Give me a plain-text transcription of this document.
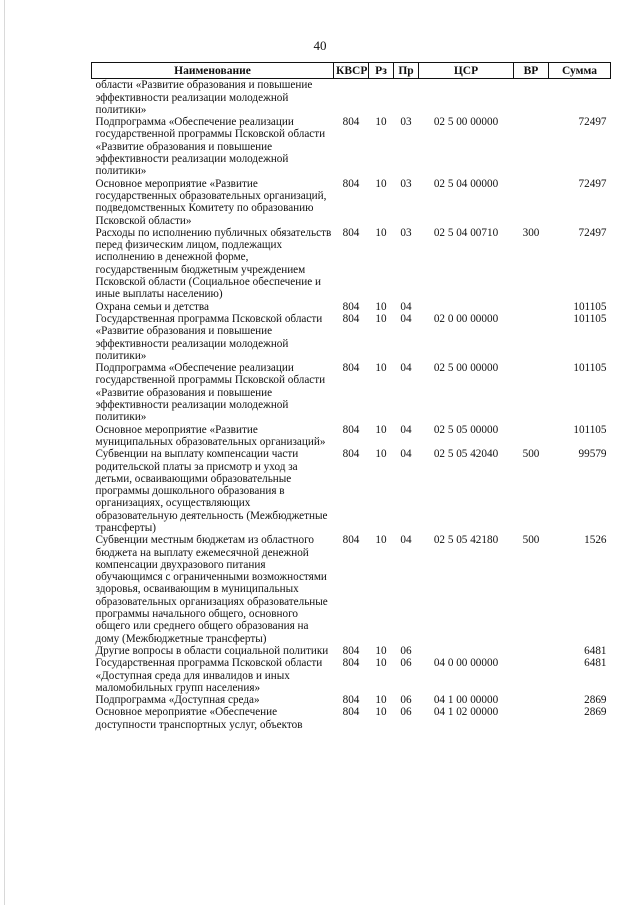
40
Наименование	КВСР	Рз	Пр	ЦСР	ВР	Сумма
области «Развитие образования и повышение эффективности реализации молодежной политики»						
Подпрограмма «Обеспечение реализации государственной программы Псковской области «Развитие образования и повышение эффективности реализации молодежной политики»	804	10	03	02 5 00 00000		72497
Основное мероприятие «Развитие государственных образовательных организаций, подведомственных Комитету по образованию Псковской области»	804	10	03	02 5 04 00000		72497
Расходы по исполнению публичных обязательств перед физическим лицом, подлежащих исполнению в денежной форме, государственным бюджетным учреждением Псковской области (Социальное обеспечение и иные выплаты населению)	804	10	03	02 5 04 00710	300	72497
Охрана семьи и детства	804	10	04			101105
Государственная программа Псковской области «Развитие образования и повышение эффективности реализации молодежной политики»	804	10	04	02 0 00 00000		101105
Подпрограмма «Обеспечение реализации государственной программы Псковской области «Развитие образования и повышение эффективности реализации молодежной политики»	804	10	04	02 5 00 00000		101105
Основное мероприятие «Развитие муниципальных образовательных организаций»	804	10	04	02 5 05 00000		101105
Субвенции на выплату компенсации части родительской платы за присмотр и уход за детьми, осваивающими образовательные программы дошкольного образования в организациях, осуществляющих образовательную деятельность (Межбюджетные трансферты)	804	10	04	02 5 05 42040	500	99579
Субвенции местным бюджетам из областного бюджета на выплату ежемесячной денежной компенсации двухразового питания обучающимся с ограниченными возможностями здоровья, осваивающим в муниципальных образовательных организациях образовательные программы начального общего, основного общего или среднего общего образования на дому (Межбюджетные трансферты)	804	10	04	02 5 05 42180	500	1526
Другие вопросы в области социальной политики	804	10	06			6481
Государственная программа Псковской области «Доступная среда для инвалидов и иных маломобильных групп населения»	804	10	06	04 0 00 00000		6481
Подпрограмма «Доступная среда»	804	10	06	04 1 00 00000		2869
Основное мероприятие «Обеспечение доступности транспортных услуг, объектов	804	10	06	04 1 02 00000		2869
